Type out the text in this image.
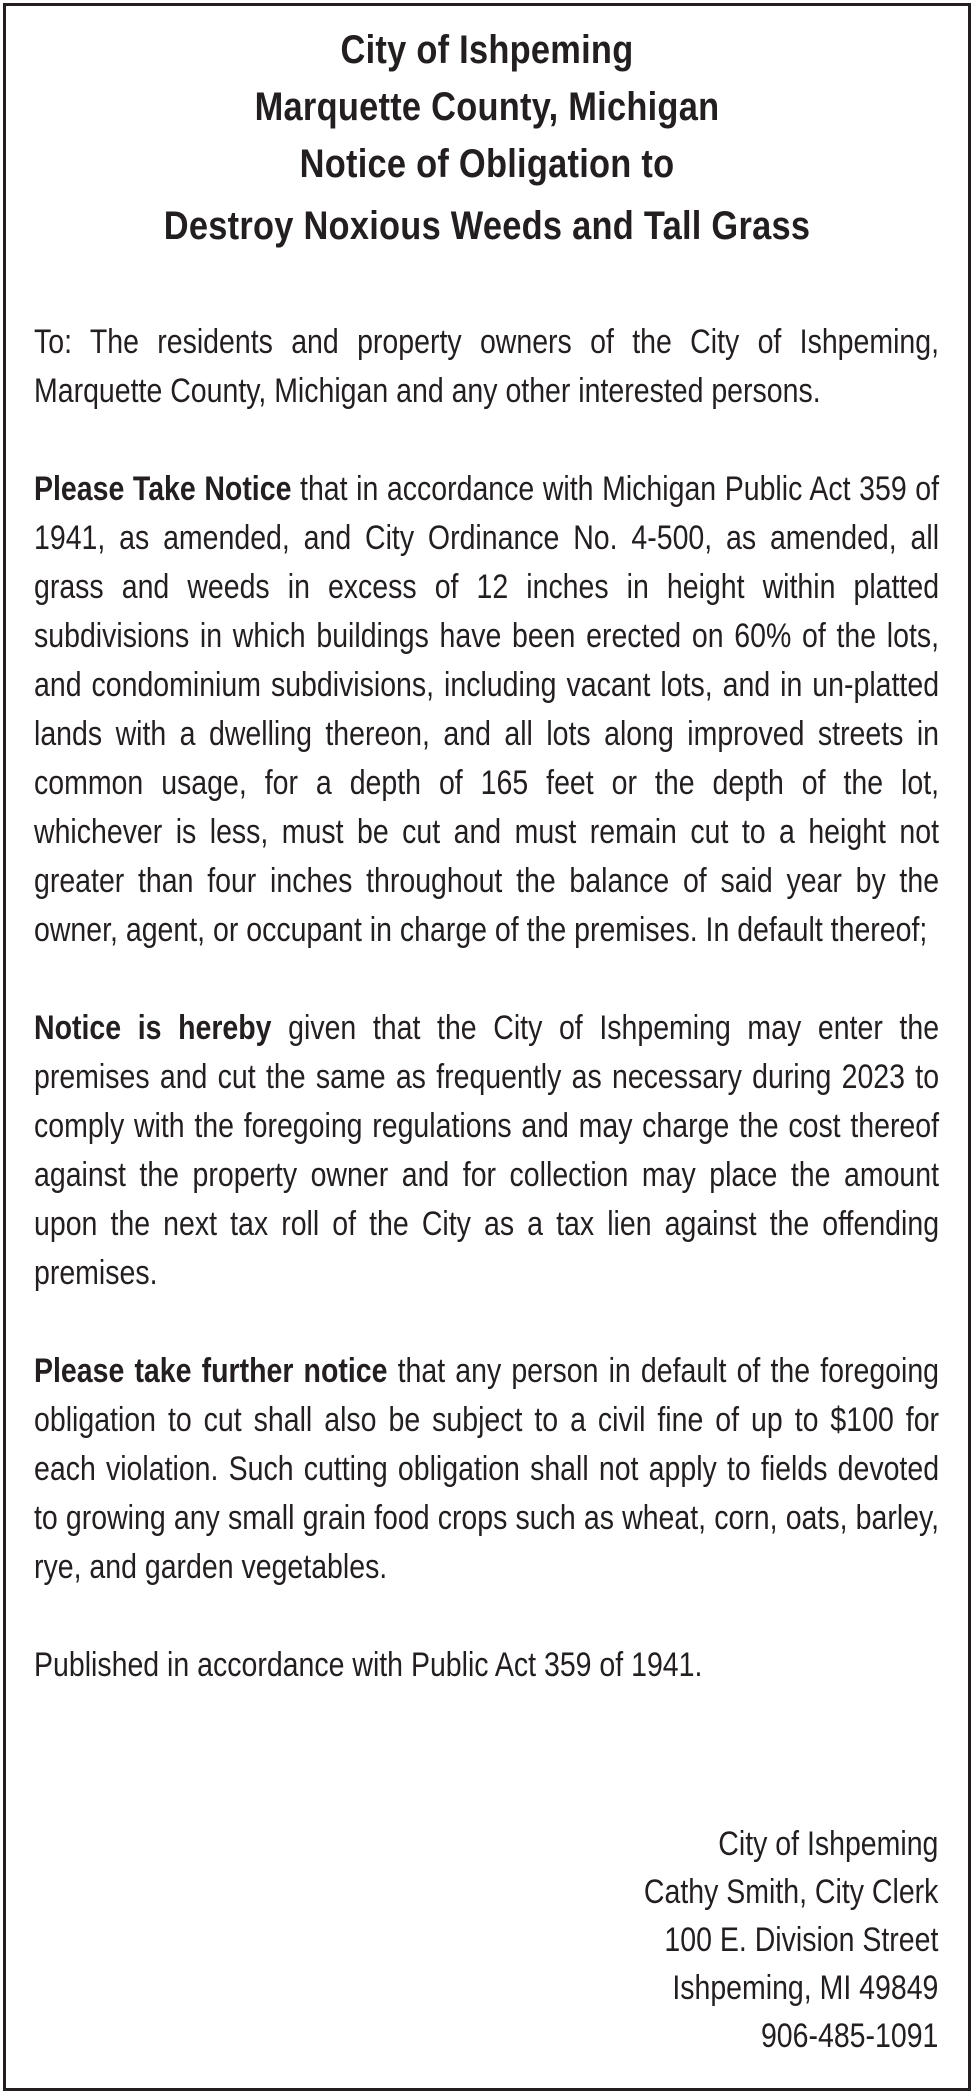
City of Ishpeming
Marquette County, Michigan
Notice of Obligation to
Destroy Noxious Weeds and Tall Grass

To: The residents and property owners of the City of Ishpeming, Marquette County, Michigan and any other interested persons.

Please Take Notice that in accordance with Michigan Public Act 359 of 1941, as amended, and City Ordinance No. 4-500, as amended, all grass and weeds in excess of 12 inches in height within platted subdivisions in which buildings have been erected on 60% of the lots, and condominium subdivisions, including vacant lots, and in un-platted lands with a dwelling thereon, and all lots along improved streets in common usage, for a depth of 165 feet or the depth of the lot, whichever is less, must be cut and must remain cut to a height not greater than four inches throughout the balance of said year by the owner, agent, or occupant in charge of the premises. In default thereof;

Notice is hereby given that the City of Ishpeming may enter the premises and cut the same as frequently as necessary during 2023 to comply with the foregoing regulations and may charge the cost thereof against the property owner and for collection may place the amount upon the next tax roll of the City as a tax lien against the offending premises.

Please take further notice that any person in default of the foregoing obligation to cut shall also be subject to a civil fine of up to $100 for each violation. Such cutting obligation shall not apply to fields devoted to growing any small grain food crops such as wheat, corn, oats, barley, rye, and garden vegetables.

Published in accordance with Public Act 359 of 1941.

City of Ishpeming
Cathy Smith, City Clerk
100 E. Division Street
Ishpeming, MI 49849
906-485-1091
